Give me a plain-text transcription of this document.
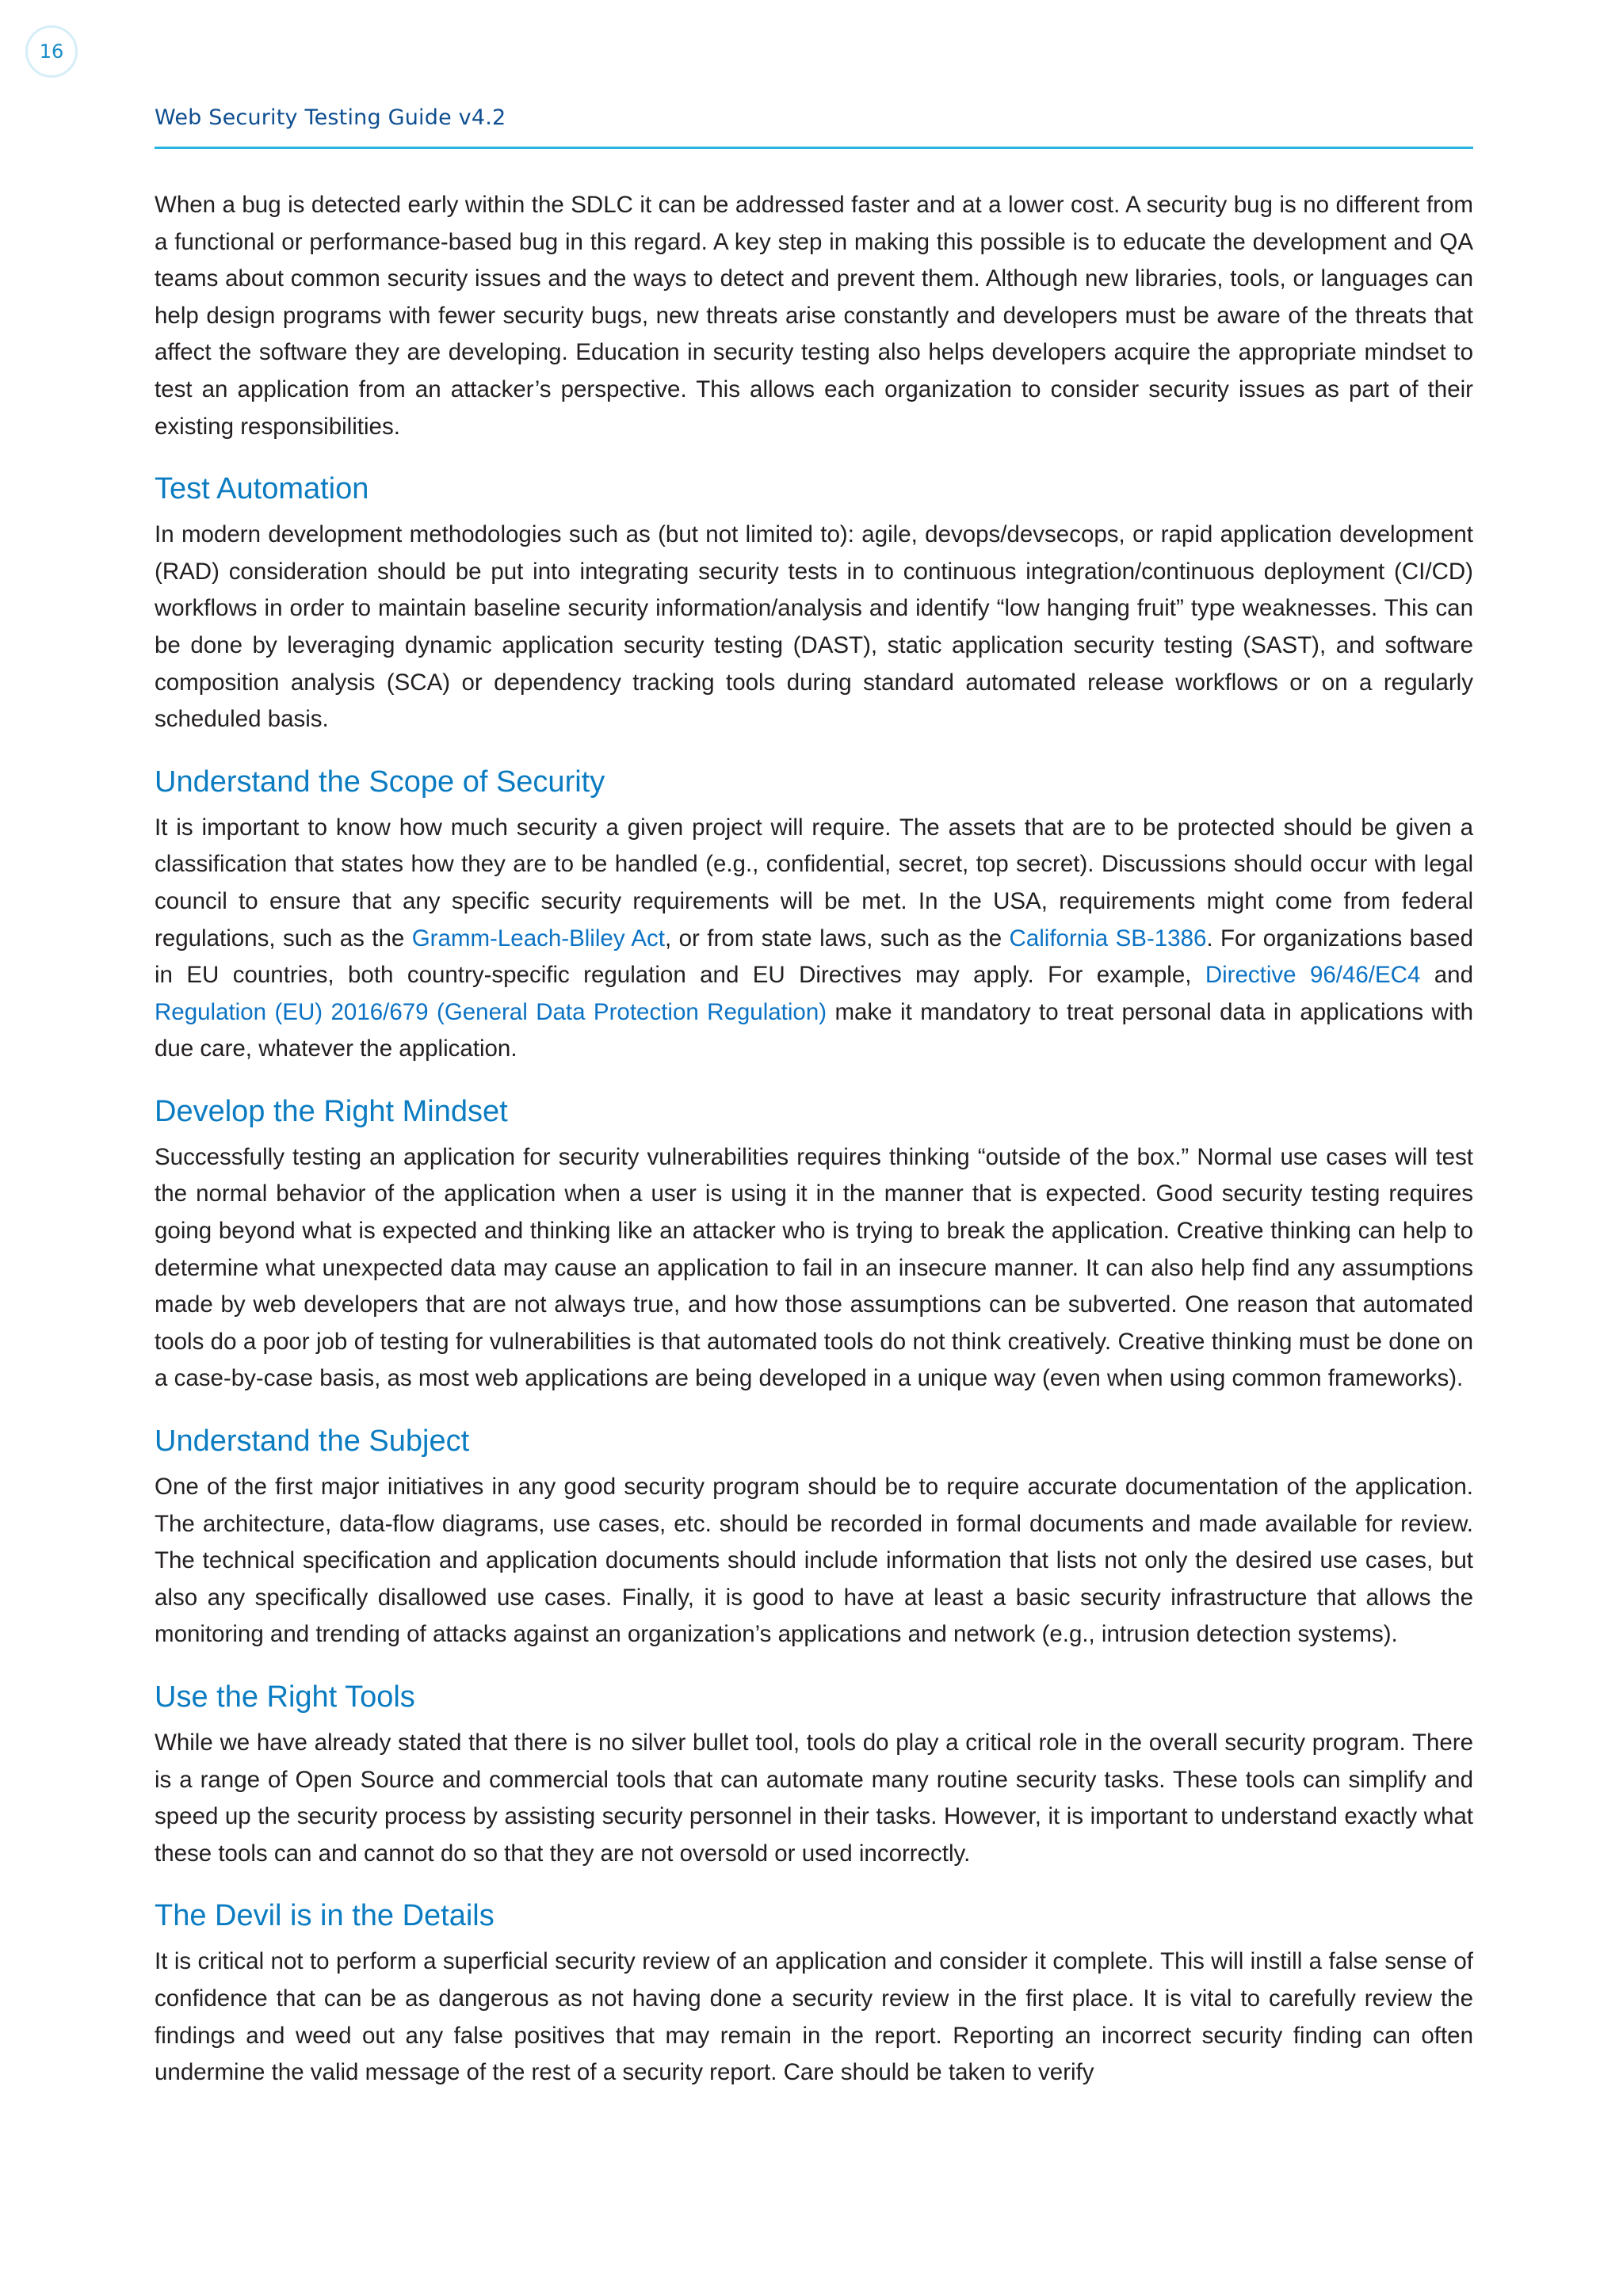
16
Web Security Testing Guide v4.2

When a bug is detected early within the SDLC it can be addressed faster and at a lower cost. A security bug is no different from a functional or performance-based bug in this regard. A key step in making this possible is to educate the development and QA teams about common security issues and the ways to detect and prevent them. Although new libraries, tools, or languages can help design programs with fewer security bugs, new threats arise constantly and developers must be aware of the threats that affect the software they are developing. Education in security testing also helps developers acquire the appropriate mindset to test an application from an attacker’s perspective. This allows each organization to consider security issues as part of their existing responsibilities.

Test Automation

In modern development methodologies such as (but not limited to): agile, devops/devsecops, or rapid application development (RAD) consideration should be put into integrating security tests in to continuous integration/continuous deployment (CI/CD) workflows in order to maintain baseline security information/analysis and identify “low hanging fruit” type weaknesses. This can be done by leveraging dynamic application security testing (DAST), static application security testing (SAST), and software composition analysis (SCA) or dependency tracking tools during standard automated release workflows or on a regularly scheduled basis.

Understand the Scope of Security

It is important to know how much security a given project will require. The assets that are to be protected should be given a classification that states how they are to be handled (e.g., confidential, secret, top secret). Discussions should occur with legal council to ensure that any specific security requirements will be met. In the USA, requirements might come from federal regulations, such as the Gramm-Leach-Bliley Act, or from state laws, such as the California SB-1386. For organizations based in EU countries, both country-specific regulation and EU Directives may apply. For example, Directive 96/46/EC4 and Regulation (EU) 2016/679 (General Data Protection Regulation) make it mandatory to treat personal data in applications with due care, whatever the application.

Develop the Right Mindset

Successfully testing an application for security vulnerabilities requires thinking “outside of the box.” Normal use cases will test the normal behavior of the application when a user is using it in the manner that is expected. Good security testing requires going beyond what is expected and thinking like an attacker who is trying to break the application. Creative thinking can help to determine what unexpected data may cause an application to fail in an insecure manner. It can also help find any assumptions made by web developers that are not always true, and how those assumptions can be subverted. One reason that automated tools do a poor job of testing for vulnerabilities is that automated tools do not think creatively. Creative thinking must be done on a case-by-case basis, as most web applications are being developed in a unique way (even when using common frameworks).

Understand the Subject

One of the first major initiatives in any good security program should be to require accurate documentation of the application. The architecture, data-flow diagrams, use cases, etc. should be recorded in formal documents and made available for review. The technical specification and application documents should include information that lists not only the desired use cases, but also any specifically disallowed use cases. Finally, it is good to have at least a basic security infrastructure that allows the monitoring and trending of attacks against an organization’s applications and network (e.g., intrusion detection systems).

Use the Right Tools

While we have already stated that there is no silver bullet tool, tools do play a critical role in the overall security program. There is a range of Open Source and commercial tools that can automate many routine security tasks. These tools can simplify and speed up the security process by assisting security personnel in their tasks. However, it is important to understand exactly what these tools can and cannot do so that they are not oversold or used incorrectly.

The Devil is in the Details

It is critical not to perform a superficial security review of an application and consider it complete. This will instill a false sense of confidence that can be as dangerous as not having done a security review in the first place. It is vital to carefully review the findings and weed out any false positives that may remain in the report. Reporting an incorrect security finding can often undermine the valid message of the rest of a security report. Care should be taken to verify
